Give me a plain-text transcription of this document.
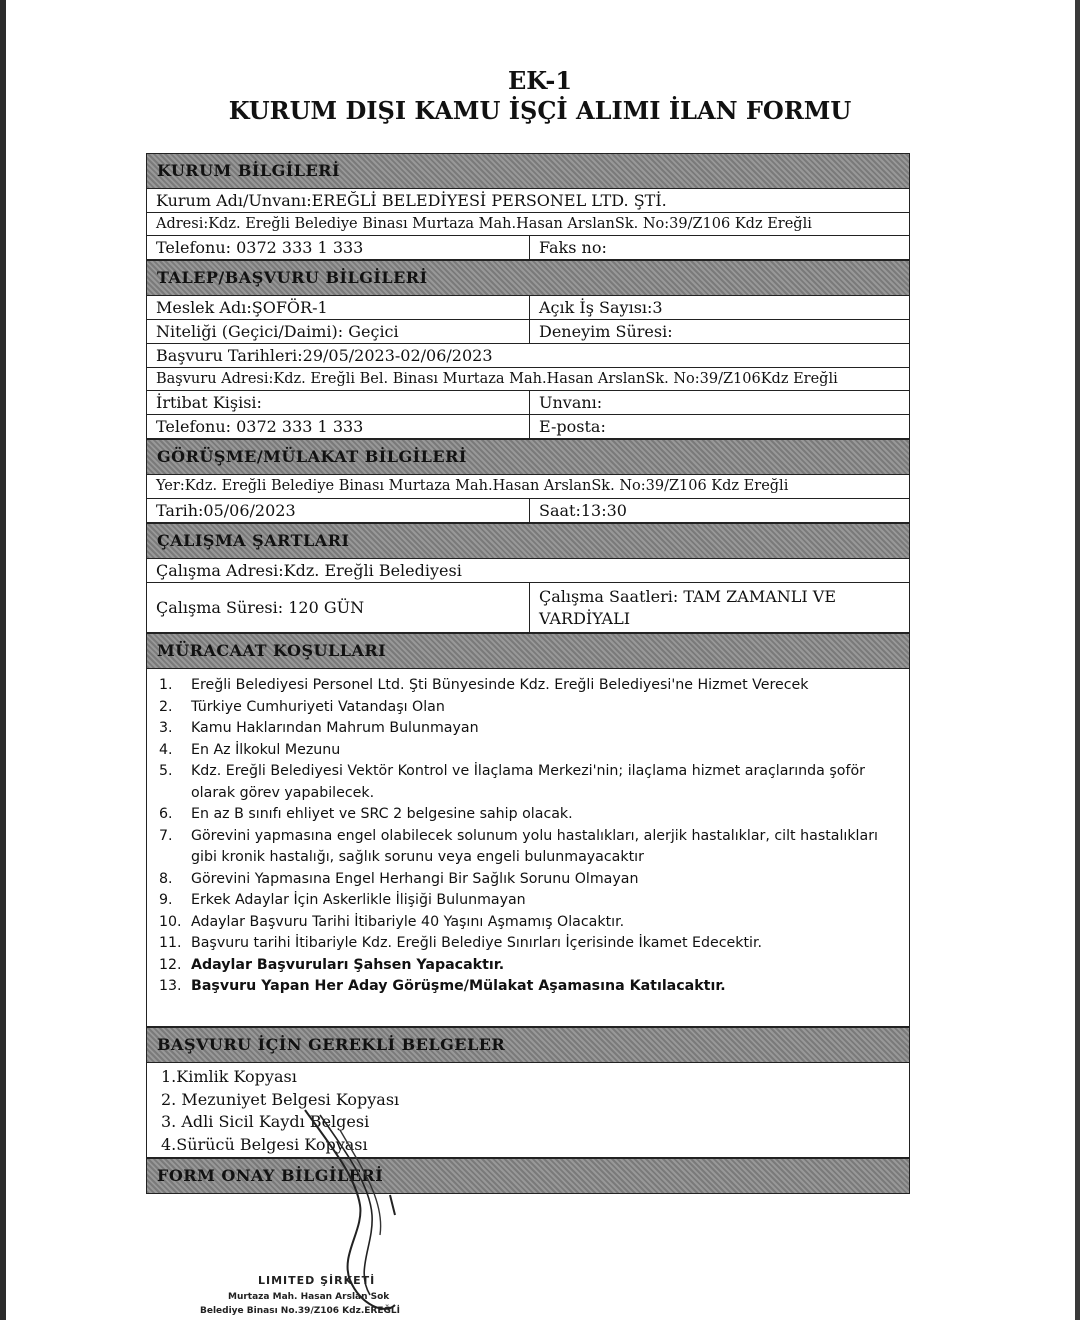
EK-1
KURUM DIŞI KAMU İŞÇİ ALIMI İLAN FORMU
KURUM BİLGİLERİ
Kurum Adı/Unvanı:EREĞLİ BELEDİYESİ PERSONEL LTD. ŞTİ.
Adresi:Kdz. Ereğli Belediye Binası Murtaza Mah.Hasan ArslanSk. No:39/Z106 Kdz Ereğli
Telefonu: 0372 333 1 333	Faks no:
TALEP/BAŞVURU BİLGİLERİ
Meslek Adı:ŞOFÖR-1	Açık İş Sayısı:3
Niteliği (Geçici/Daimi): Geçici	Deneyim Süresi:
Başvuru Tarihleri:29/05/2023-02/06/2023
Başvuru Adresi:Kdz. Ereğli Bel. Binası Murtaza Mah.Hasan ArslanSk. No:39/Z106Kdz Ereğli
İrtibat Kişisi:	Unvanı:
Telefonu: 0372 333 1 333	E-posta:
GÖRÜŞME/MÜLAKAT BİLGİLERİ
Yer:Kdz. Ereğli Belediye Binası Murtaza Mah.Hasan ArslanSk. No:39/Z106 Kdz Ereğli
Tarih:05/06/2023	Saat:13:30
ÇALIŞMA ŞARTLARI
Çalışma Adresi:Kdz. Ereğli Belediyesi
Çalışma Süresi: 120 GÜN
Çalışma Saatleri: TAM ZAMANLI VE VARDİYALI
MÜRACAAT KOŞULLARI
1.	Ereğli Belediyesi Personel Ltd. Şti Bünyesinde Kdz. Ereğli Belediyesi'ne Hizmet Verecek
2.	Türkiye Cumhuriyeti Vatandaşı Olan
3.	Kamu Haklarından Mahrum Bulunmayan
4.	En Az İlkokul Mezunu
5.	Kdz. Ereğli Belediyesi Vektör Kontrol ve İlaçlama Merkezi'nin; ilaçlama hizmet araçlarında şoför olarak görev yapabilecek.
6.	En az B sınıfı ehliyet ve SRC 2 belgesine sahip olacak.
7.	Görevini yapmasına engel olabilecek solunum yolu hastalıkları, alerjik hastalıklar, cilt hastalıkları gibi kronik hastalığı, sağlık sorunu veya engeli bulunmayacaktır
8.	Görevini Yapmasına Engel Herhangi Bir Sağlık Sorunu Olmayan
9.	Erkek Adaylar İçin Askerlikle İlişiği Bulunmayan
10. Adaylar Başvuru Tarihi İtibariyle 40 Yaşını Aşmamış Olacaktır.
11. Başvuru tarihi İtibariyle Kdz. Ereğli Belediye Sınırları İçerisinde İkamet Edecektir.
12. Adaylar Başvuruları Şahsen Yapacaktır.
13. Başvuru Yapan Her Aday Görüşme/Mülakat Aşamasına Katılacaktır.
BAŞVURU İÇİN GEREKLİ BELGELER
1.Kimlik Kopyası
2. Mezuniyet Belgesi Kopyası
3. Adli Sicil Kaydı Belgesi
4.Sürücü Belgesi Kopyası
FORM ONAY BİLGİLERİ
LIMITED ŞİRKETİ
Murtaza Mah. Hasan Arslan Sok
Belediye Binası No.39/Z106 Kdz.EREĞLİ
